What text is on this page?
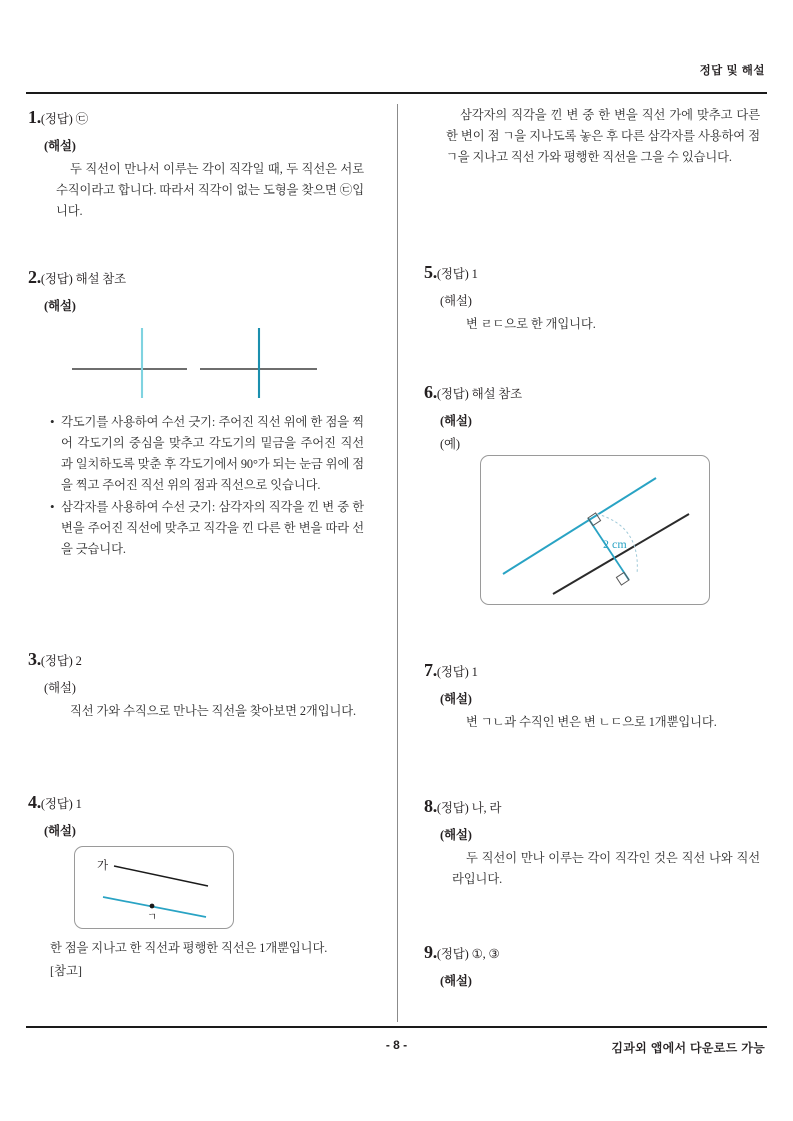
정답 및 해설
1.(정답) ㉢
(해설)
두 직선이 만나서 이루는 각이 직각일 때, 두 직선은 서로 수직이라고 합니다. 따라서 직각이 없는 도형을 찾으면 ㉢입니다.
2.(정답) 해설 참조
(해설)
• 각도기를 사용하여 수선 긋기: 주어진 직선 위에 한 점을 찍어 각도기의 중심을 맞추고 각도기의 밑금을 주어진 직선과 일치하도록 맞춘 후 각도기에서 90°가 되는 눈금 위에 점을 찍고 주어진 직선 위의 점과 직선으로 잇습니다.
• 삼각자를 사용하여 수선 긋기: 삼각자의 직각을 낀 변 중 한 변을 주어진 직선에 맞추고 직각을 낀 다른 한 변을 따라 선을 긋습니다.
3.(정답) 2
(해설)
직선 가와 수직으로 만나는 직선을 찾아보면 2개입니다.
4.(정답) 1
(해설)
가
ㄱ
한 점을 지나고 한 직선과 평행한 직선은 1개뿐입니다.
[참고]
삼각자의 직각을 낀 변 중 한 변을 직선 가에 맞추고 다른 한 변이 점 ㄱ을 지나도록 놓은 후 다른 삼각자를 사용하여 점 ㄱ을 지나고 직선 가와 평행한 직선을 그을 수 있습니다.
5.(정답) 1
(해설)
변 ㄹㄷ으로 한 개입니다.
6.(정답) 해설 참조
(해설)
(예)
2 cm
7.(정답) 1
(해설)
변 ㄱㄴ과 수직인 변은 변 ㄴㄷ으로 1개뿐입니다.
8.(정답) 나, 라
(해설)
두 직선이 만나 이루는 각이 직각인 것은 직선 나와 직선 라입니다.
9.(정답) ①, ③
(해설)
- 8 -	김과외 앱에서 다운로드 가능
